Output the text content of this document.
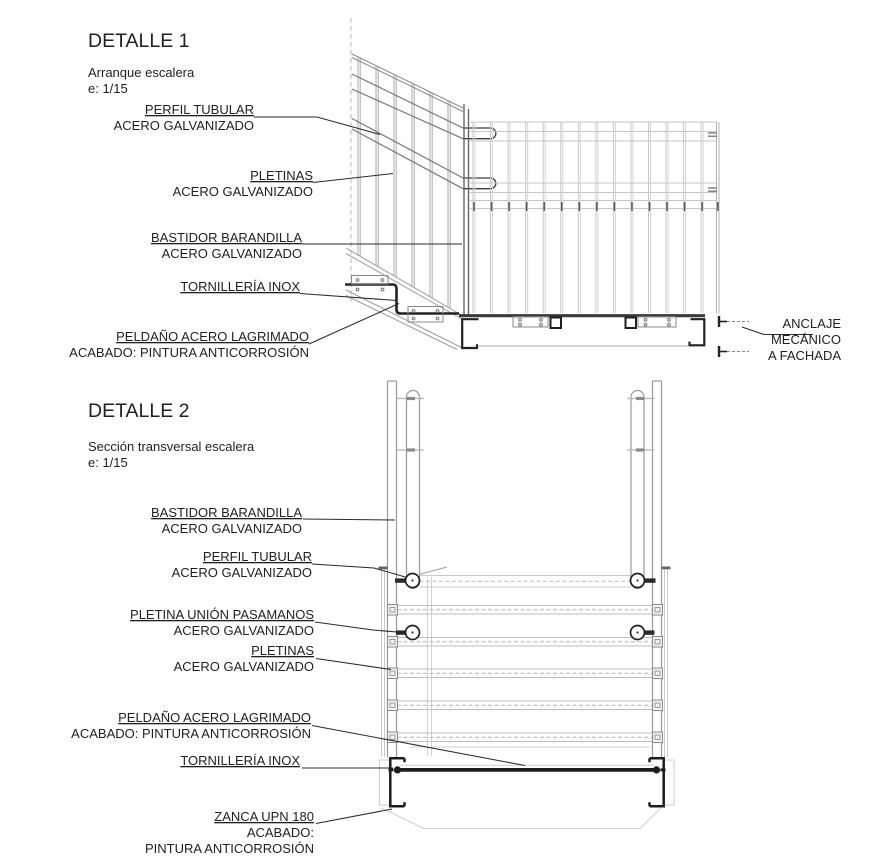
DETALLE 1
Arranque escalera
e: 1/15
PERFIL TUBULAR
ACERO GALVANIZADO
PLETINAS
ACERO GALVANIZADO
BASTIDOR BARANDILLA
ACERO GALVANIZADO
TORNILLERÍA INOX
PELDAÑO ACERO LAGRIMADO
ACABADO: PINTURA ANTICORROSIÓN
ANCLAJE
MECÁNICO
A FACHADA
DETALLE 2
Sección transversal escalera
e: 1/15
BASTIDOR BARANDILLA
ACERO GALVANIZADO
PERFIL TUBULAR
ACERO GALVANIZADO
PLETINA UNIÓN PASAMANOS
ACERO GALVANIZADO
PLETINAS
ACERO GALVANIZADO
PELDAÑO ACERO LAGRIMADO
ACABADO: PINTURA ANTICORROSIÓN
TORNILLERÍA INOX
ZANCA UPN 180
ACABADO:
PINTURA ANTICORROSIÓN
